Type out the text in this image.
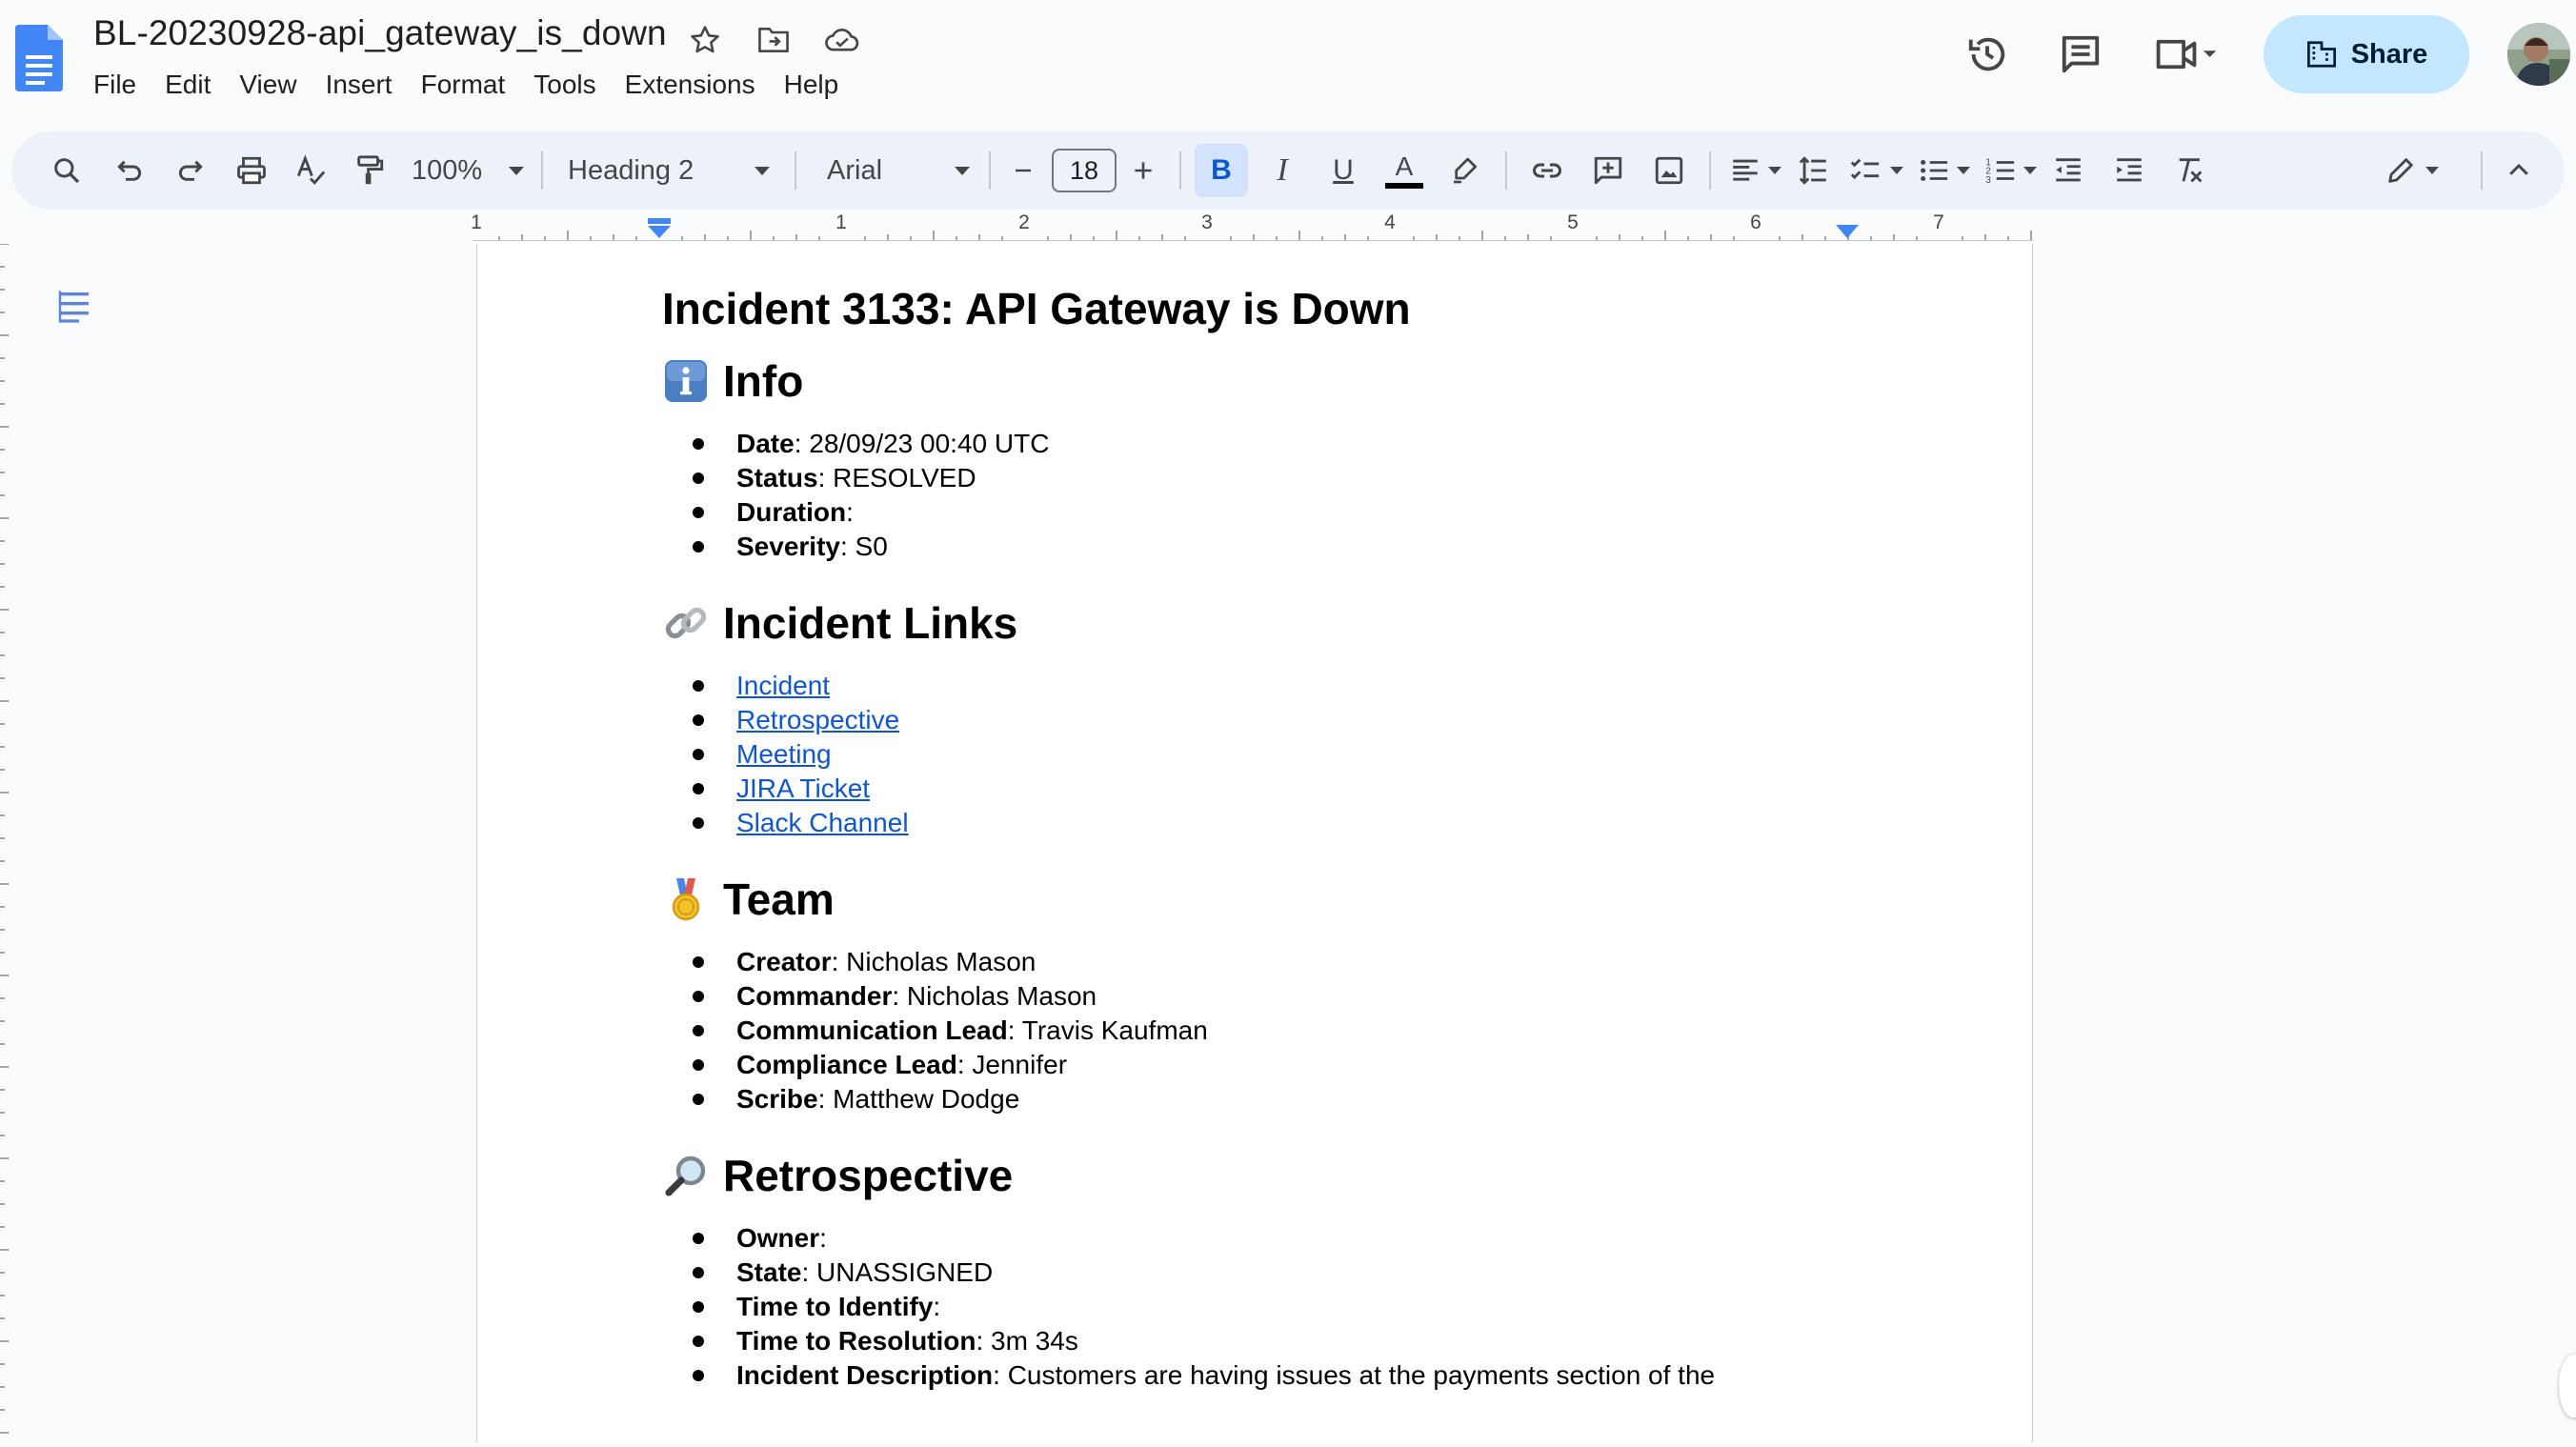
BL-20230928-api_gateway_is_down
File	Edit	View	Insert	Format	Tools	Extensions	Help
Share
100%	Heading 2	Arial	18	B I U A	1
2
3
1	1	2	3	4	5	6	7
Incident 3133: API Gateway is Down
Info
Date : 28/09/23 00:40 UTC
Status : RESOLVED
Duration :
Severity : S0
Incident Links
Incident
Retrospective
Meeting
JIRA Ticket
Slack Channel
Team
Creator : Nicholas Mason
Commander : Nicholas Mason
Communication Lead : Travis Kaufman
Compliance Lead : Jennifer
Scribe : Matthew Dodge
Retrospective
Owner :
State : UNASSIGNED
Time to Identify :
Time to Resolution : 3m 34s
Incident Description : Customers are having issues at the payments section of the
